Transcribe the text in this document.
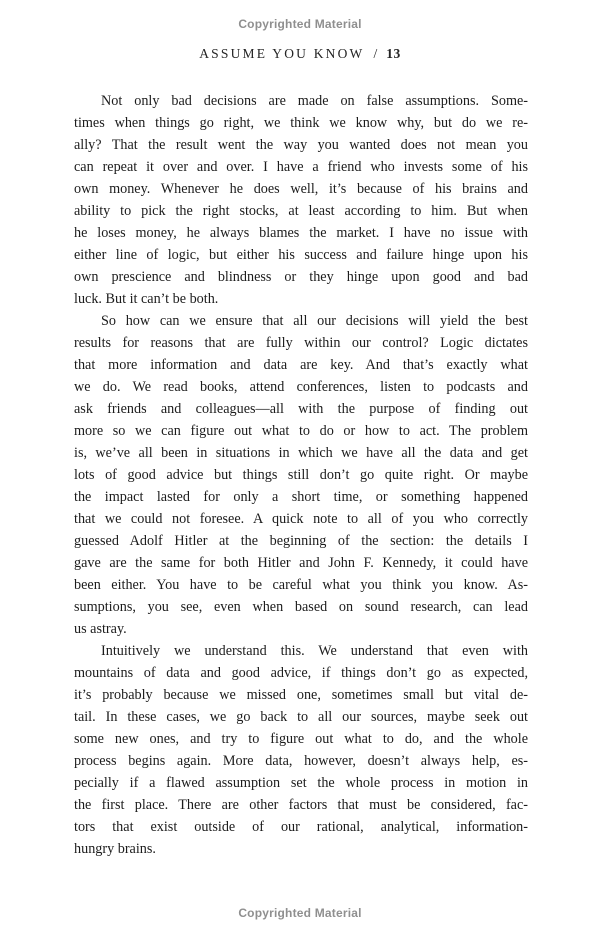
Copyrighted Material
ASSUME YOU KNOW / 13
Not only bad decisions are made on false assumptions. Some-
times when things go right, we think we know why, but do we re-
ally? That the result went the way you wanted does not mean you
can repeat it over and over. I have a friend who invests some of his
own money. Whenever he does well, it’s because of his brains and
ability to pick the right stocks, at least according to him. But when
he loses money, he always blames the market. I have no issue with
either line of logic, but either his success and failure hinge upon his
own prescience and blindness or they hinge upon good and bad
luck. But it can’t be both.
So how can we ensure that all our decisions will yield the best
results for reasons that are fully within our control? Logic dictates
that more information and data are key. And that’s exactly what
we do. We read books, attend conferences, listen to podcasts and
ask friends and colleagues—all with the purpose of finding out
more so we can figure out what to do or how to act. The problem
is, we’ve all been in situations in which we have all the data and get
lots of good advice but things still don’t go quite right. Or maybe
the impact lasted for only a short time, or something happened
that we could not foresee. A quick note to all of you who correctly
guessed Adolf Hitler at the beginning of the section: the details I
gave are the same for both Hitler and John F. Kennedy, it could have
been either. You have to be careful what you think you know. As-
sumptions, you see, even when based on sound research, can lead
us astray.
Intuitively we understand this. We understand that even with
mountains of data and good advice, if things don’t go as expected,
it’s probably because we missed one, sometimes small but vital de-
tail. In these cases, we go back to all our sources, maybe seek out
some new ones, and try to figure out what to do, and the whole
process begins again. More data, however, doesn’t always help, es-
pecially if a flawed assumption set the whole process in motion in
the first place. There are other factors that must be considered, fac-
tors that exist outside of our rational, analytical, information-
hungry brains.
Copyrighted Material
